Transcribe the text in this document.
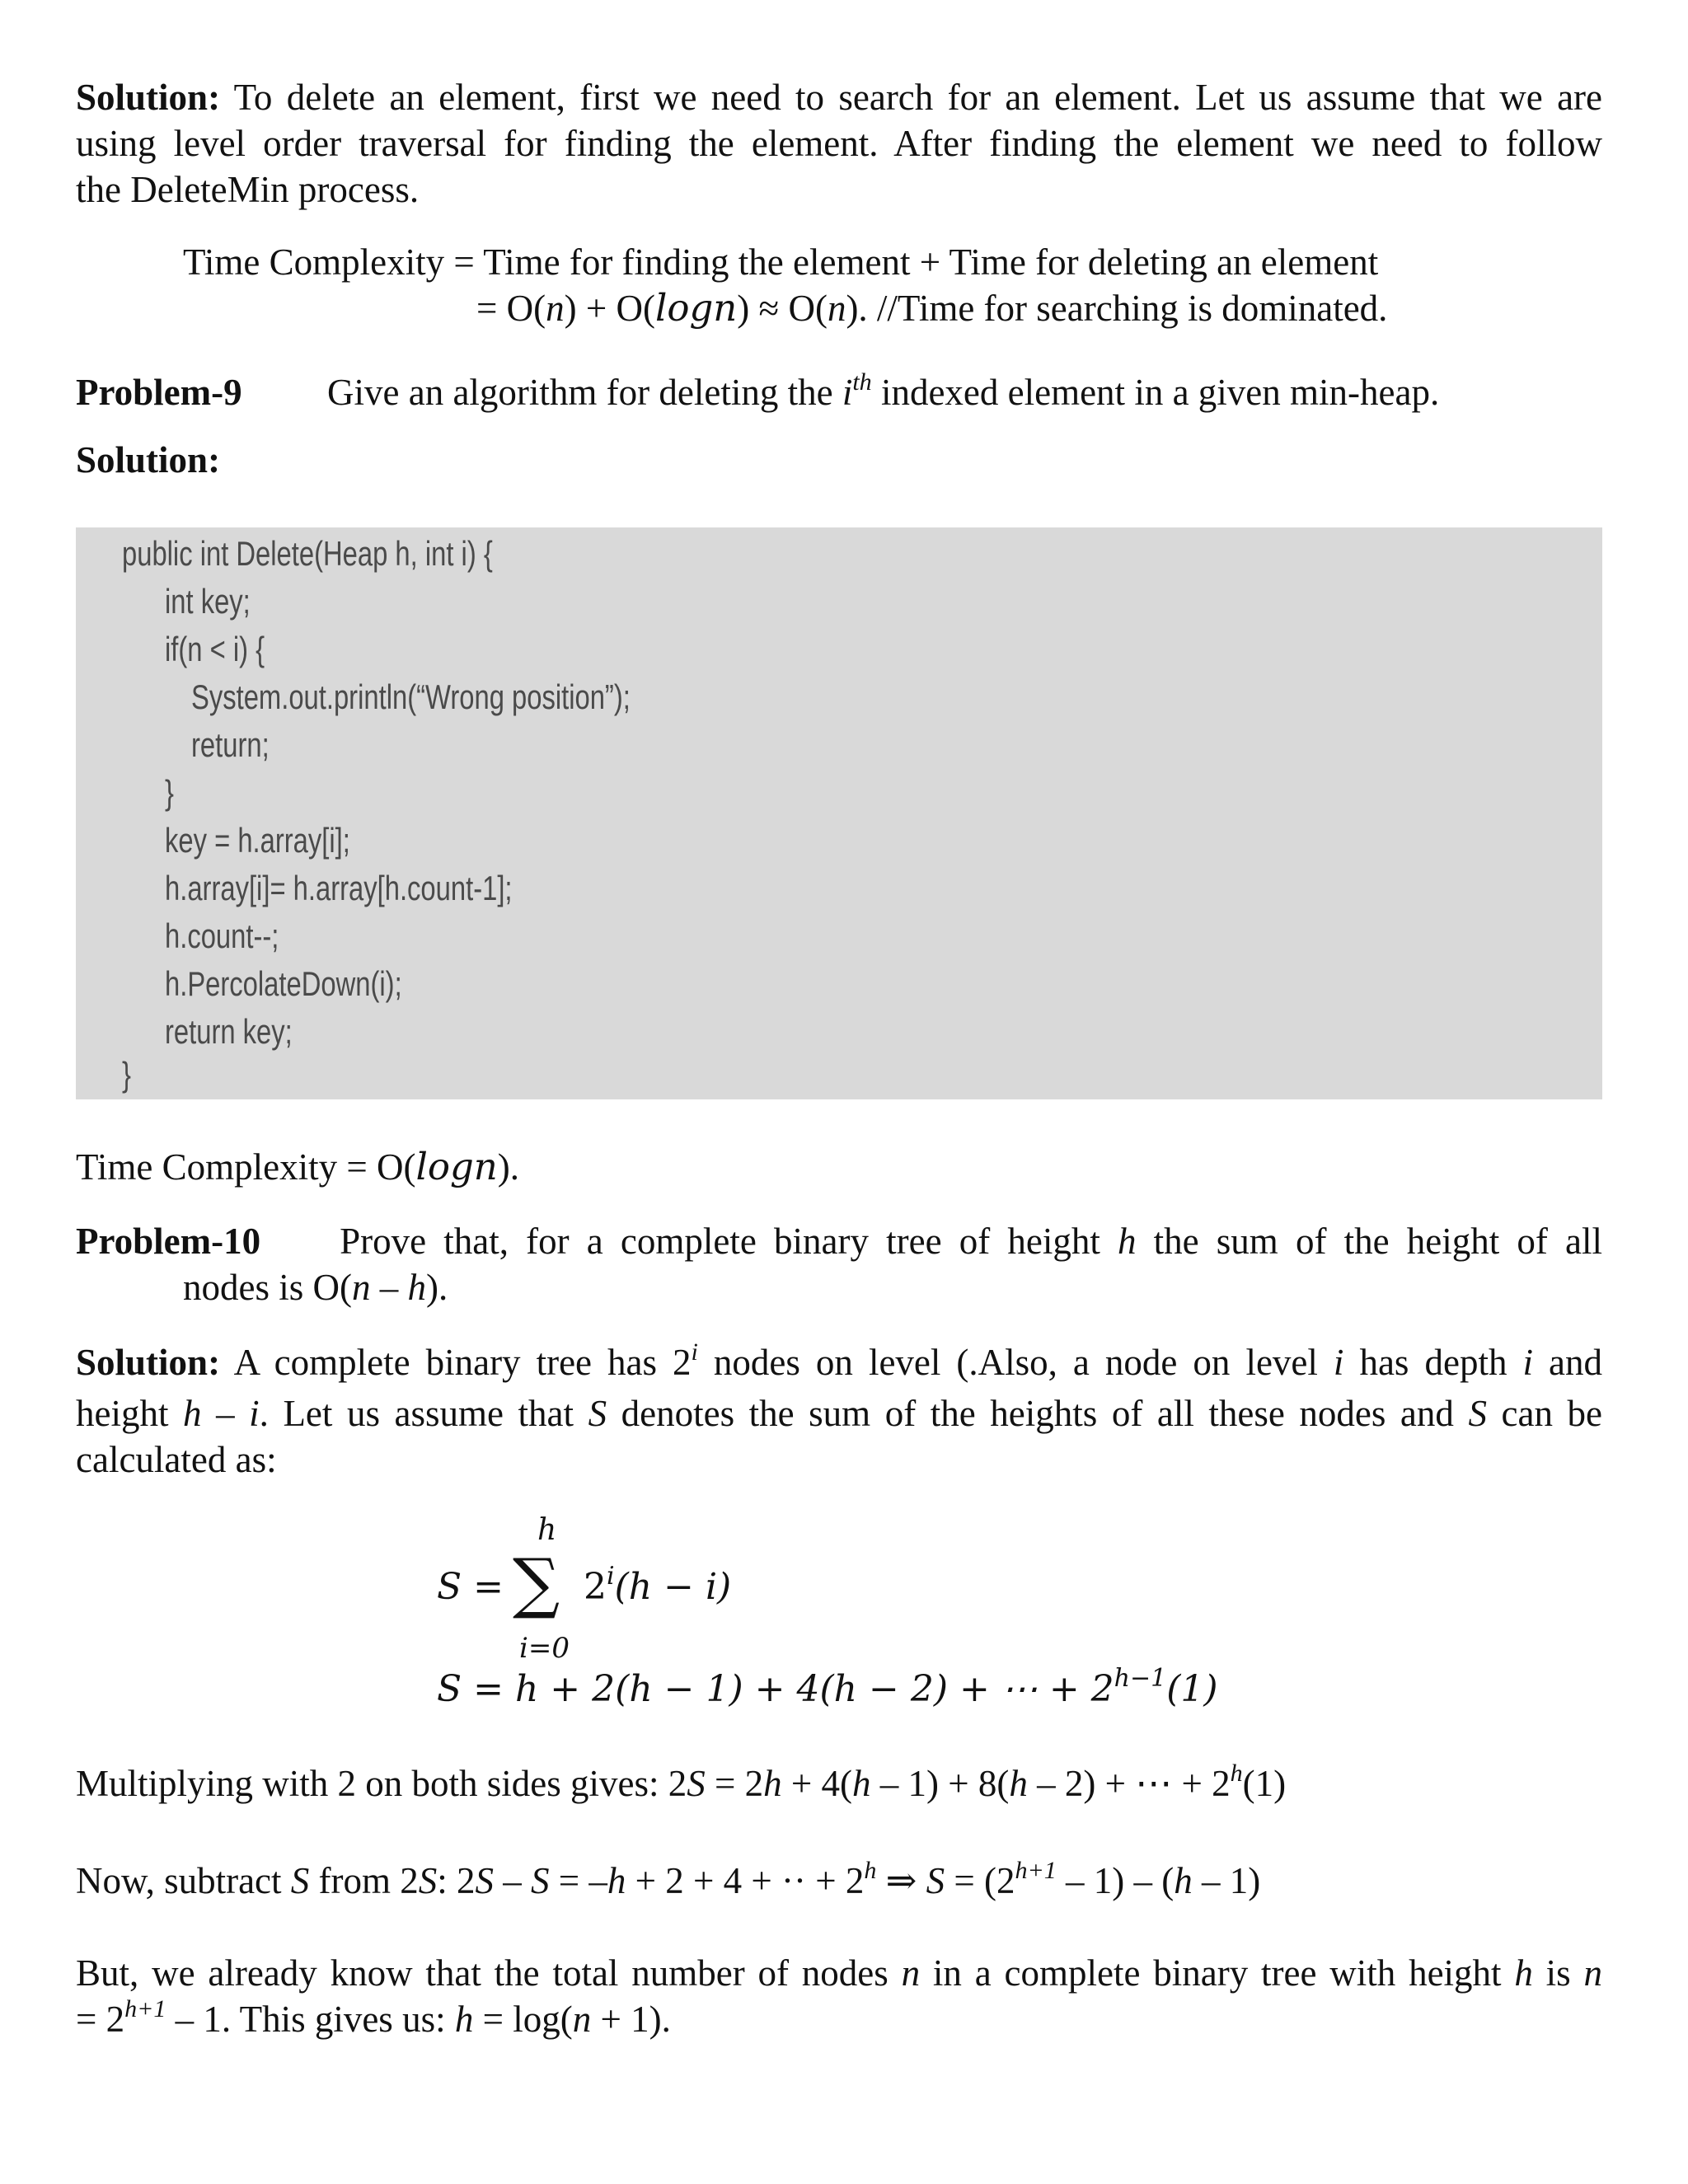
Solution: To delete an element, first we need to search for an element. Let us assume that we are
using level order traversal for finding the element. After finding the element we need to follow
the DeleteMin process.
Time Complexity = Time for finding the element + Time for deleting an element
= O(n) + O(logn) ≈ O(n). //Time for searching is dominated.
Problem-9 Give an algorithm for deleting the $i^{th}$ indexed element in a given min-heap.
Solution:
public int Delete(Heap h, int i) {
int key;
if(n < i) {
System.out.println(“Wrong position”);
return;
}
key = h.array[i];
h.array[i]= h.array[h.count-1];
h.count--;
h.PercolateDown(i);
return key;
}
Time Complexity = O(logn).
Problem-10 Prove that, for a complete binary tree of height h the sum of the height of all
nodes is O(n – h).
Solution: A complete binary tree has 2$^i$ nodes on level (.Also, a node on level i has depth i and
height h – i. Let us assume that S denotes the sum of the heights of all these nodes and S can be
calculated as:
h
S = ∑ $2^i(h - i)$
i=0
S = h + 2(h − 1) + 4(h − 2) + ⋯ + $2^{h-1}(1)$
Multiplying with 2 on both sides gives: 2S = 2h + 4(h – 1) + 8(h – 2) + ⋯ + $2^h(1)$
Now, subtract S from 2S: 2S – S = –h + 2 + 4 + ·· + $2^h$ ⇒ $S = (2^{h+1} - 1) - (h - 1)$
But, we already know that the total number of nodes n in a complete binary tree with height h is n
= $2^{h+1} - 1$. This gives us: h = log(n + 1).
